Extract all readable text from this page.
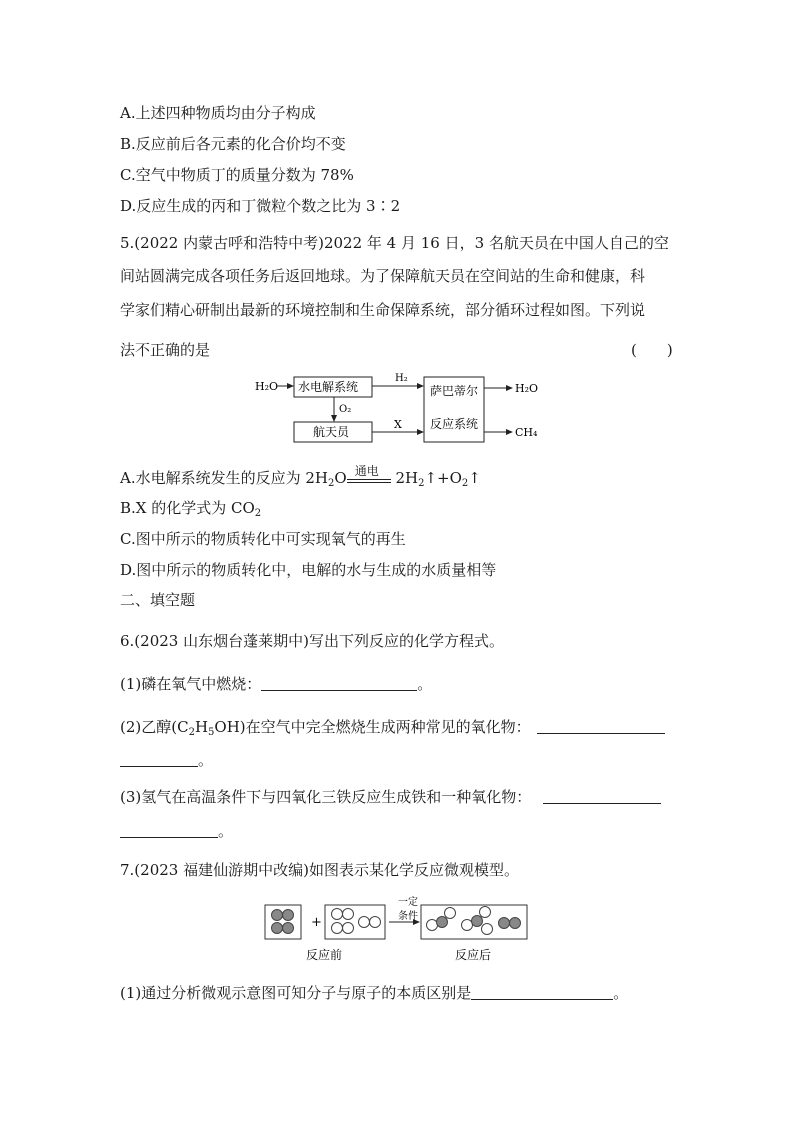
A.上述四种物质均由分子构成
B.反应前后各元素的化合价均不变
C.空气中物质丁的质量分数为 78%
D.反应生成的丙和丁微粒个数之比为 3∶2
5.(2022 内蒙古呼和浩特中考)2022 年 4 月 16 日，3 名航天员在中国人自己的空
间站圆满完成各项任务后返回地球。为了保障航天员在空间站的生命和健康，科
学家们精心研制出最新的环境控制和生命保障系统，部分循环过程如图。下列说
法不正确的是	(　　)
H₂O 水电解系统
H₂
O₂
航天员
X
萨巴蒂尔
反应系统
H₂O
CH₄
A.水电解系统发生的反应为 $2H_2O$ 通电 $2H_2↑+O_2↑$
B.X 的化学式为 $CO_2$
C.图中所示的物质转化中可实现氧气的再生
D.图中所示的物质转化中，电解的水与生成的水质量相等
二、填空题
6.(2023 山东烟台蓬莱期中)写出下列反应的化学方程式。
(1)磷在氧气中燃烧：	。
(2)乙醇$(C_2H_5OH)$在空气中完全燃烧生成两种常见的氧化物：
。
(3)氢气在高温条件下与四氧化三铁反应生成铁和一种氧化物：
。
7.(2023 福建仙游期中改编)如图表示某化学反应微观模型。
+
一定
条件
反应前	反应后
(1)通过分析微观示意图可知分子与原子的本质区别是	。
